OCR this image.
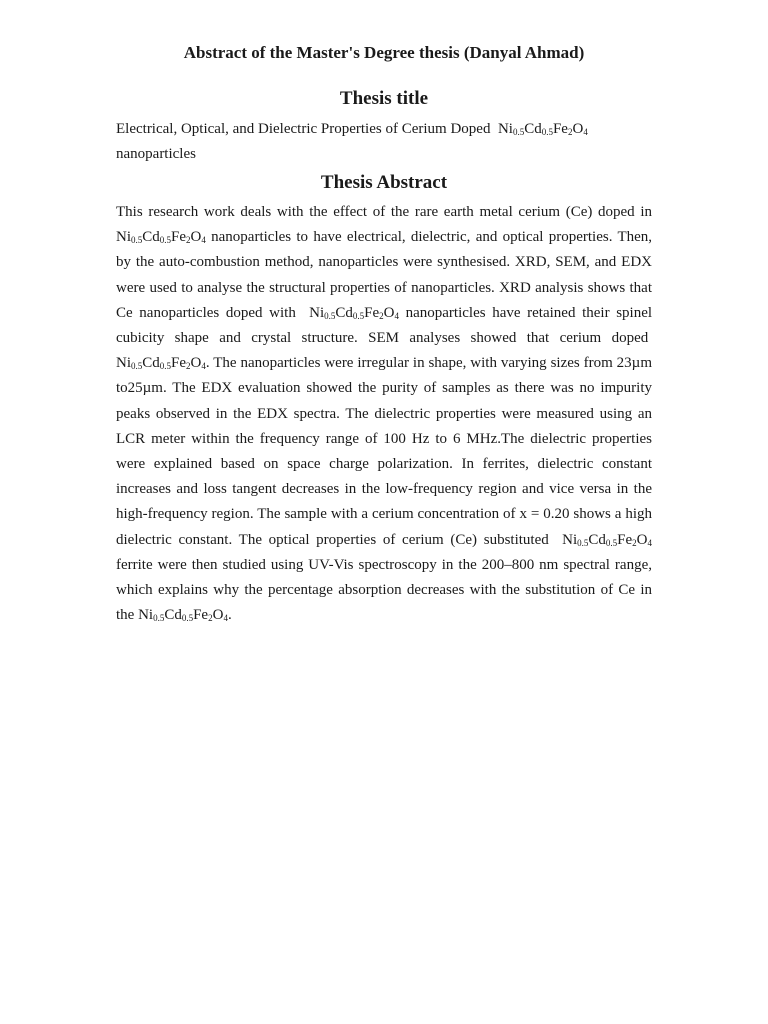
Abstract of the Master's Degree thesis (Danyal Ahmad)
Thesis title

Electrical, Optical, and Dielectric Properties of Cerium Doped $Ni_{0.5}Cd_{0.5}Fe_2O_4$
nanoparticles

Thesis Abstract

This research work deals with the effect of the rare earth metal cerium (Ce) doped in $Ni_{0.5}Cd_{0.5}Fe_2O_4$ nanoparticles to have electrical, dielectric, and optical properties. Then, by the auto-combustion method, nanoparticles were synthesised. XRD, SEM, and EDX were used to analyse the structural properties of nanoparticles. XRD analysis shows that Ce nanoparticles doped with $Ni_{0.5}Cd_{0.5}Fe_2O_4$ nanoparticles have retained their spinel cubicity shape and crystal structure. SEM analyses showed that cerium doped  $Ni_{0.5}Cd_{0.5}Fe_2O_4$. The nanoparticles were irregular in shape, with varying sizes from 23µm to25µm. The EDX evaluation showed the purity of samples as there was no impurity peaks observed in the EDX spectra. The dielectric properties were measured using an LCR meter within the frequency range of 100 Hz to 6 MHz.The dielectric properties were explained based on space charge polarization. In ferrites, dielectric constant increases and loss tangent decreases in the low-frequency region and vice versa in the high-frequency region. The sample with a cerium concentration of x = 0.20 shows a high dielectric constant. The optical properties of cerium (Ce) substituted $Ni_{0.5}Cd_{0.5}Fe_2O_4$ ferrite were then studied using UV-Vis spectroscopy in the 200–800 nm spectral range, which explains why the percentage absorption decreases with the substitution of Ce in the $Ni_{0.5}Cd_{0.5}Fe_2O_4$.
